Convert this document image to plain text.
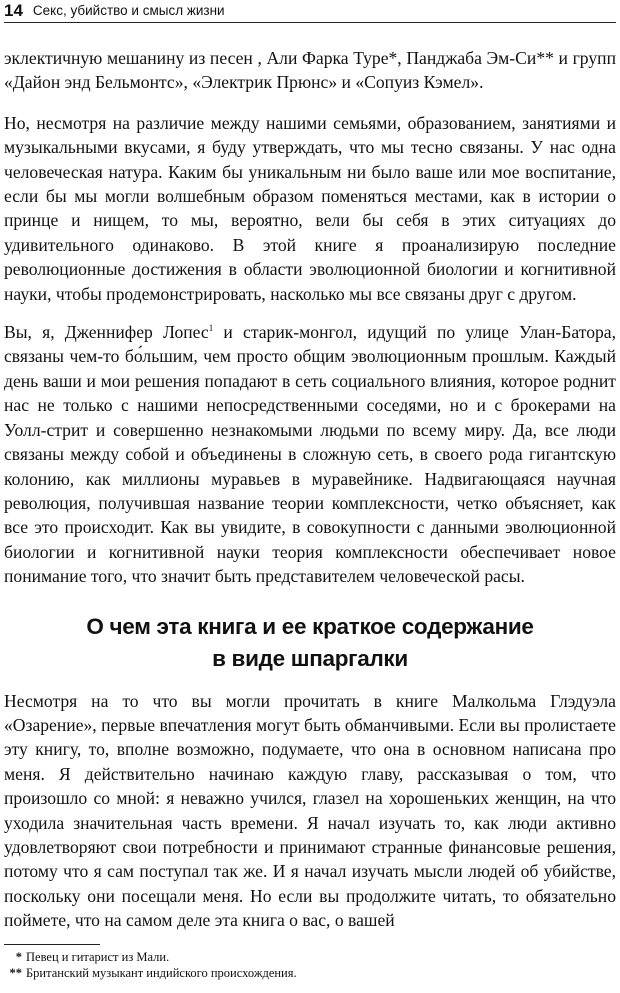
14 Секс, убийство и смысл жизни

эклектичную мешанину из песен , Али Фарка Туре*, Панджаба Эм-Си** и групп «Дайон энд Бельмонтс», «Электрик Прюнс» и «Сопуиз Кэмел».

Но, несмотря на различие между нашими семьями, образованием, занятиями и музыкальными вкусами, я буду утверждать, что мы тесно связаны. У нас одна человеческая натура. Каким бы уникальным ни было ваше или мое воспитание, если бы мы могли волшебным образом поменяться местами, как в истории о принце и нищем, то мы, вероятно, вели бы себя в этих ситуациях до удивительного одинаково. В этой книге я проанализирую последние революционные достижения в области эволюционной биологии и когнитивной науки, чтобы продемонстрировать, насколько мы все связаны друг с другом.

Вы, я, Дженнифер Лопес$^1$ и старик-монгол, идущий по улице Улан-Батора, связаны чем-то бо́льшим, чем просто общим эволюционным прошлым. Каждый день ваши и мои решения попадают в сеть социального влияния, которое роднит нас не только с нашими непосредственными соседями, но и с брокерами на Уолл-стрит и совершенно незнакомыми людьми по всему миру. Да, все люди связаны между собой и объединены в сложную сеть, в своего рода гигантскую колонию, как миллионы муравьев в муравейнике. Надвигающаяся научная революция, получившая название теории комплексности, четко объясняет, как все это происходит. Как вы увидите, в совокупности с данными эволюционной биологии и когнитивной науки теория комплексности обеспечивает новое понимание того, что значит быть представителем человеческой расы.

О чем эта книга и ее краткое содержание
в виде шпаргалки

Несмотря на то что вы могли прочитать в книге Малкольма Глэдуэла «Озарение», первые впечатления могут быть обманчивыми. Если вы пролистаете эту книгу, то, вполне возможно, подумаете, что она в основном написана про меня. Я действительно начинаю каждую главу, рассказывая о том, что произошло со мной: я неважно учился, глазел на хорошеньких женщин, на что уходила значительная часть времени. Я начал изучать то, как люди активно удовлетворяют свои потребности и принимают странные финансовые решения, потому что я сам поступал так же. И я начал изучать мысли людей об убийстве, поскольку они посещали меня. Но если вы продолжите читать, то обязательно поймете, что на самом деле эта книга о вас, о вашей

* Певец и гитарист из Мали.
** Британский музыкант индийского происхождения.
